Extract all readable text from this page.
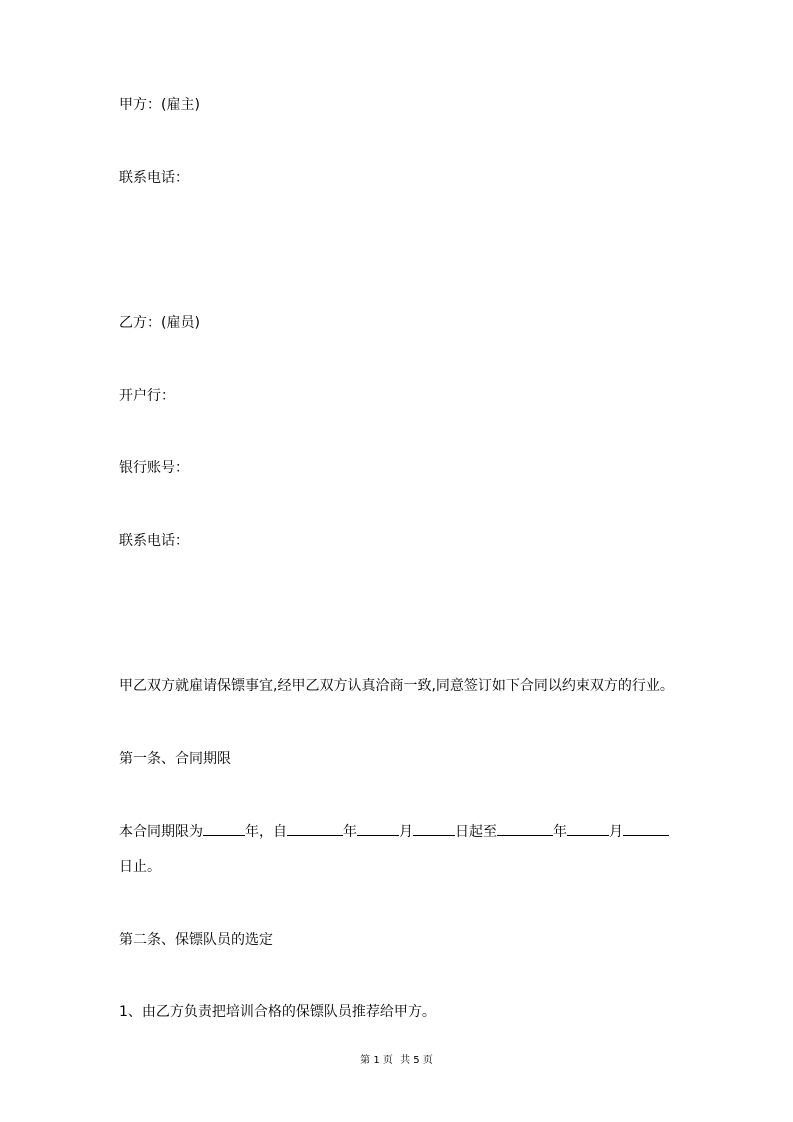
甲方：(雇主)
联系电话：
乙方：(雇员)
开户行：
银行账号：
联系电话：
甲乙双方就雇请保镖事宜,经甲乙双方认真洽商一致,同意签订如下合同以约束双方的行业。
第一条、合同期限
本合同期限为	年，自	年	月	日起至	年	月
日止。
第二条、保镖队员的选定
1、由乙方负责把培训合格的保镖队员推荐给甲方。
第 1 页 共 5 页
